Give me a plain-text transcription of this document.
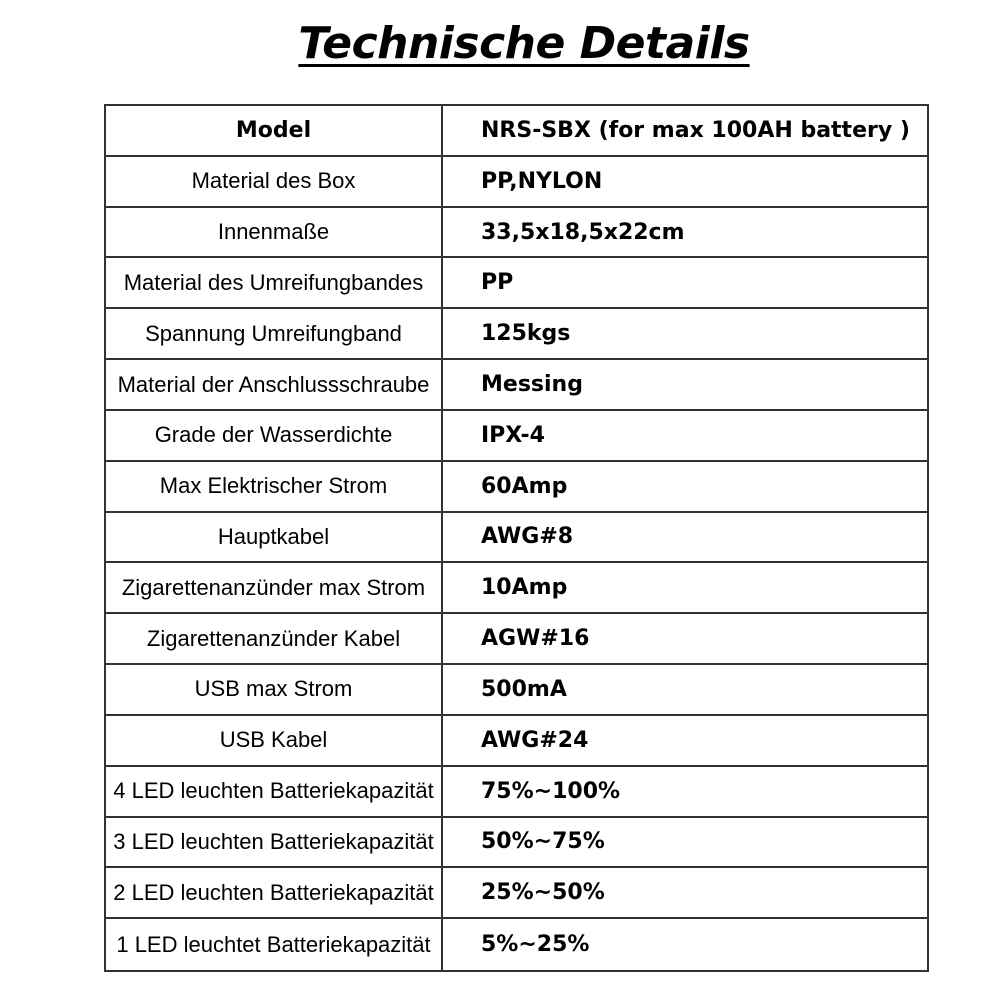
Technische Details
Model	NRS-SBX (for max 100AH battery )
Material des Box	PP,NYLON
Innenmaße	33,5x18,5x22cm
Material des Umreifungbandes	PP
Spannung Umreifungband	125kgs
Material der Anschlussschraube	Messing
Grade der Wasserdichte	IPX-4
Max Elektrischer Strom	60Amp
Hauptkabel	AWG#8
Zigarettenanzünder max Strom	10Amp
Zigarettenanzünder Kabel	AGW#16
USB max Strom	500mA
USB Kabel	AWG#24
4 LED leuchten Batteriekapazität	75%~100%
3 LED leuchten Batteriekapazität	50%~75%
2 LED leuchten Batteriekapazität	25%~50%
1 LED leuchtet Batteriekapazität	5%~25%
